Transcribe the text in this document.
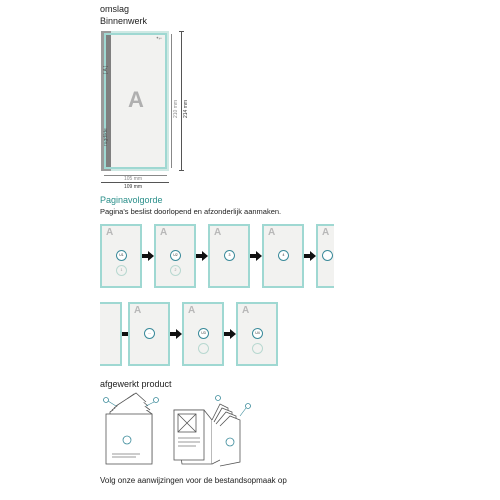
omslag
Binnenwerk
A
•⌐
[ A ]
rugdikte
210 mm 214 mm
105 mm
109 mm
Paginavolgorde
Pagina's beslist doorlopend en afzonderlijk aanmaken.
A
U1
1
A
U2
2
A
3
A
4
A
A
...
A
U3
A
U4
afgewerkt product
Volg onze aanwijzingen voor de bestandsopmaak op
